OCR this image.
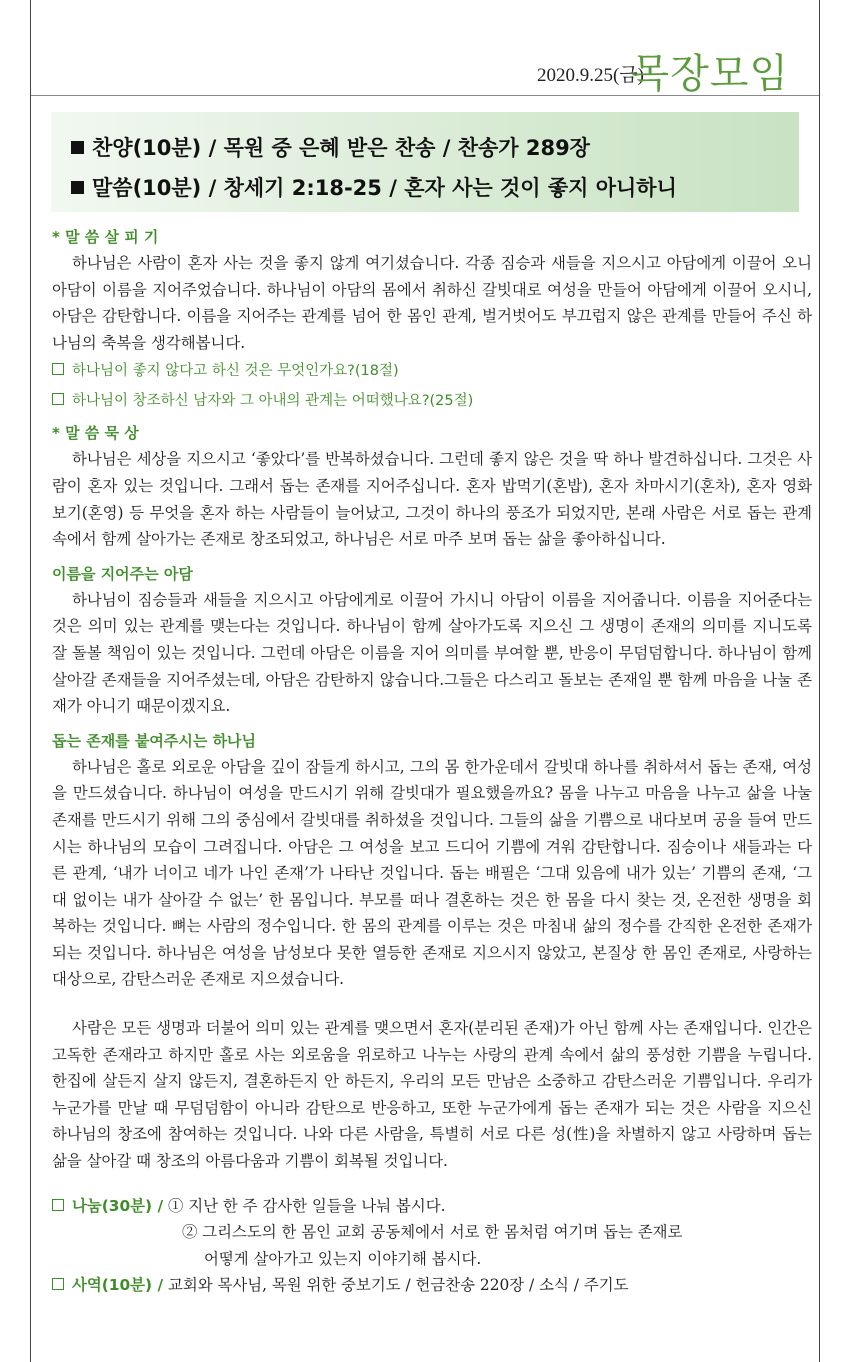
2020.9.25(금)
목장모임
찬양(10분) / 목원 중 은혜 받은 찬송 / 찬송가 289장
말씀(10분) / 창세기 2:18-25 / 혼자 사는 것이 좋지 아니하니
* 말 씀 살 피 기

하나님은 사람이 혼자 사는 것을 좋지 않게 여기셨습니다. 각종 짐승과 새들을 지으시고 아담에게 이끌어 오니 아담이 이름을 지어주었습니다. 하나님이 아담의 몸에서 취하신 갈빗대로 여성을 만들어 아담에게 이끌어 오시니, 아담은 감탄합니다. 이름을 지어주는 관계를 넘어 한 몸인 관계, 벌거벗어도 부끄럽지 않은 관계를 만들어 주신 하나님의 축복을 생각해봅니다.

하나님이 좋지 않다고 하신 것은 무엇인가요?(18절)
하나님이 창조하신 남자와 그 아내의 관계는 어떠했나요?(25절)
* 말 씀 묵 상

하나님은 세상을 지으시고 ‘좋았다’를 반복하셨습니다. 그런데 좋지 않은 것을 딱 하나 발견하십니다. 그것은 사람이 혼자 있는 것입니다. 그래서 돕는 존재를 지어주십니다. 혼자 밥먹기(혼밥), 혼자 차마시기(혼차), 혼자 영화보기(혼영) 등 무엇을 혼자 하는 사람들이 늘어났고, 그것이 하나의 풍조가 되었지만, 본래 사람은 서로 돕는 관계 속에서 함께 살아가는 존재로 창조되었고, 하나님은 서로 마주 보며 돕는 삶을 좋아하십니다.

이름을 지어주는 아담

하나님이 짐승들과 새들을 지으시고 아담에게로 이끌어 가시니 아담이 이름을 지어줍니다. 이름을 지어준다는 것은 의미 있는 관계를 맺는다는 것입니다. 하나님이 함께 살아가도록 지으신 그 생명이 존재의 의미를 지니도록 잘 돌볼 책임이 있는 것입니다. 그런데 아담은 이름을 지어 의미를 부여할 뿐, 반응이 무덤덤합니다. 하나님이 함께 살아갈 존재들을 지어주셨는데, 아담은 감탄하지 않습니다.그들은 다스리고 돌보는 존재일 뿐 함께 마음을 나눌 존재가 아니기 때문이겠지요.

돕는 존재를 붙여주시는 하나님

하나님은 홀로 외로운 아담을 깊이 잠들게 하시고, 그의 몸 한가운데서 갈빗대 하나를 취하셔서 돕는 존재, 여성을 만드셨습니다. 하나님이 여성을 만드시기 위해 갈빗대가 필요했을까요? 몸을 나누고 마음을 나누고 삶을 나눌 존재를 만드시기 위해 그의 중심에서 갈빗대를 취하셨을 것입니다. 그들의 삶을 기쁨으로 내다보며 공을 들여 만드시는 하나님의 모습이 그려집니다. 아담은 그 여성을 보고 드디어 기쁨에 겨워 감탄합니다. 짐승이나 새들과는 다른 관계, ‘내가 너이고 네가 나인 존재’가 나타난 것입니다. 돕는 배필은 ‘그대 있음에 내가 있는’ 기쁨의 존재, ‘그대 없이는 내가 살아갈 수 없는’ 한 몸입니다. 부모를 떠나 결혼하는 것은 한 몸을 다시 찾는 것, 온전한 생명을 회복하는 것입니다. 뼈는 사람의 정수입니다. 한 몸의 관계를 이루는 것은 마침내 삶의 정수를 간직한 온전한 존재가 되는 것입니다. 하나님은 여성을 남성보다 못한 열등한 존재로 지으시지 않았고, 본질상 한 몸인 존재로, 사랑하는 대상으로, 감탄스러운 존재로 지으셨습니다.

사람은 모든 생명과 더불어 의미 있는 관계를 맺으면서 혼자(분리된 존재)가 아닌 함께 사는 존재입니다. 인간은 고독한 존재라고 하지만 홀로 사는 외로움을 위로하고 나누는 사랑의 관계 속에서 삶의 풍성한 기쁨을 누립니다. 한집에 살든지 살지 않든지, 결혼하든지 안 하든지, 우리의 모든 만남은 소중하고 감탄스러운 기쁨입니다. 우리가 누군가를 만날 때 무덤덤함이 아니라 감탄으로 반응하고, 또한 누군가에게 돕는 존재가 되는 것은 사람을 지으신 하나님의 창조에 참여하는 것입니다. 나와 다른 사람을, 특별히 서로 다른 성(性)을 차별하지 않고 사랑하며 돕는 삶을 살아갈 때 창조의 아름다움과 기쁨이 회복될 것입니다.

나눔(30분) / ① 지난 한 주 감사한 일들을 나눠 봅시다.
② 그리스도의 한 몸인 교회 공동체에서 서로 한 몸처럼 여기며 돕는 존재로
어떻게 살아가고 있는지 이야기해 봅시다.
사역(10분) / 교회와 목사님, 목원 위한 중보기도 / 헌금찬송 220장 / 소식 / 주기도
